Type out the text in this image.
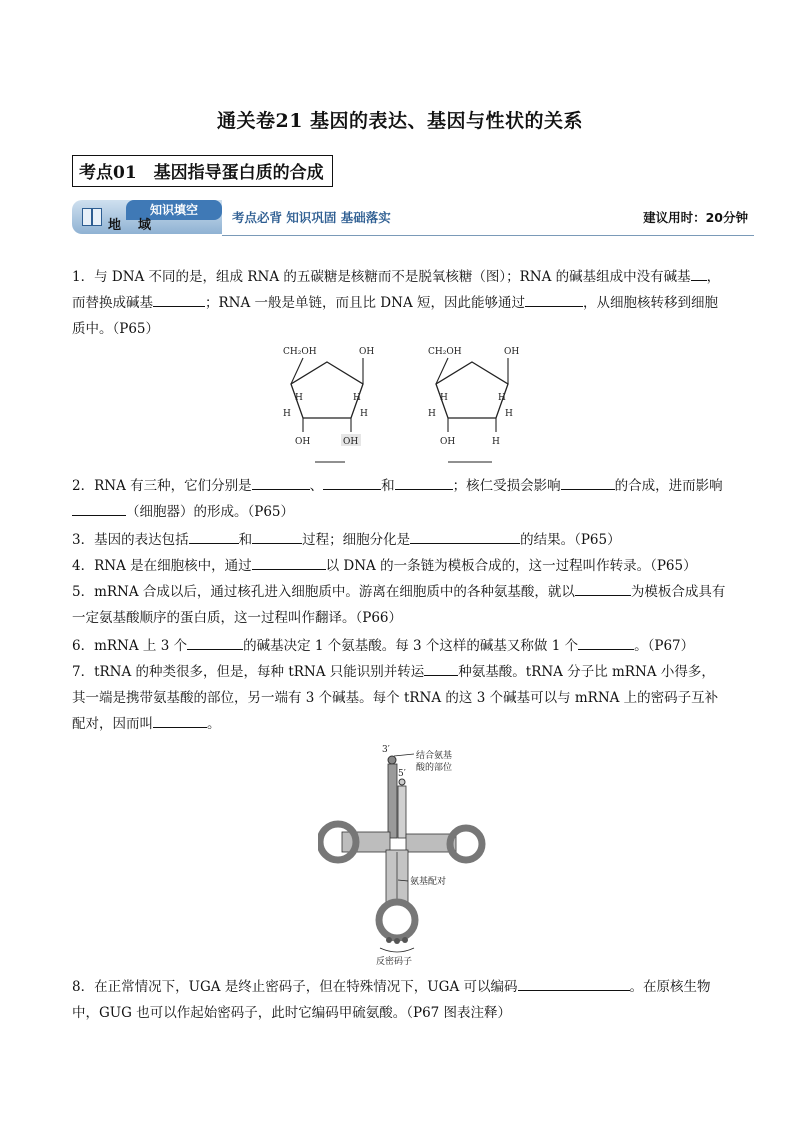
通关卷21 基因的表达、基因与性状的关系
考点01　基因指导蛋白质的合成
知识填空
地　域
考点必背 知识巩固 基础落实	建议用时：20分钟
1．与 DNA 不同的是，组成 RNA 的五碳糖是核糖而不是脱氧核糖（图）；RNA 的碱基组成中没有碱基 ，而替换成碱基	；RNA 一般是单链，而且比 DNA 短，因此能够通过	，从细胞核转移到细胞质中。（P65）
CH₂OH	OH
H	H
H	H
OH	OH
CH₂OH	OH
H	H
H	H
OH	H
2．RNA 有三种，它们分别是	、	和	；核仁受损会影响	的合成，进而影响（细胞器）的形成。（P65）
3．基因的表达包括	和	过程；细胞分化是	的结果。（P65）
4．RNA 是在细胞核中，通过	以 DNA 的一条链为模板合成的，这一过程叫作转录。（P65）
5．mRNA 合成以后，通过核孔进入细胞质中。游离在细胞质中的各种氨基酸，就以	为模板合成具有一定氨基酸顺序的蛋白质，这一过程叫作翻译。（P66）
6．mRNA 上 3 个	的碱基决定 1 个氨基酸。每 3 个这样的碱基又称做 1 个	。（P67）
7．tRNA 的种类很多，但是，每种 tRNA 只能识别并转运	种氨基酸。tRNA 分子比 mRNA 小得多，其一端是携带氨基酸的部位，另一端有 3 个碱基。每个 tRNA 的这 3 个碱基可以与 mRNA 上的密码子互补配对，因而叫	。
3′
5′
结合氨基
酸的部位
氨基配对
反密码子
8．在正常情况下，UGA 是终止密码子，但在特殊情况下，UGA 可以编码	。在原核生物中，GUG 也可以作起始密码子，此时它编码甲硫氨酸。（P67 图表注释）
